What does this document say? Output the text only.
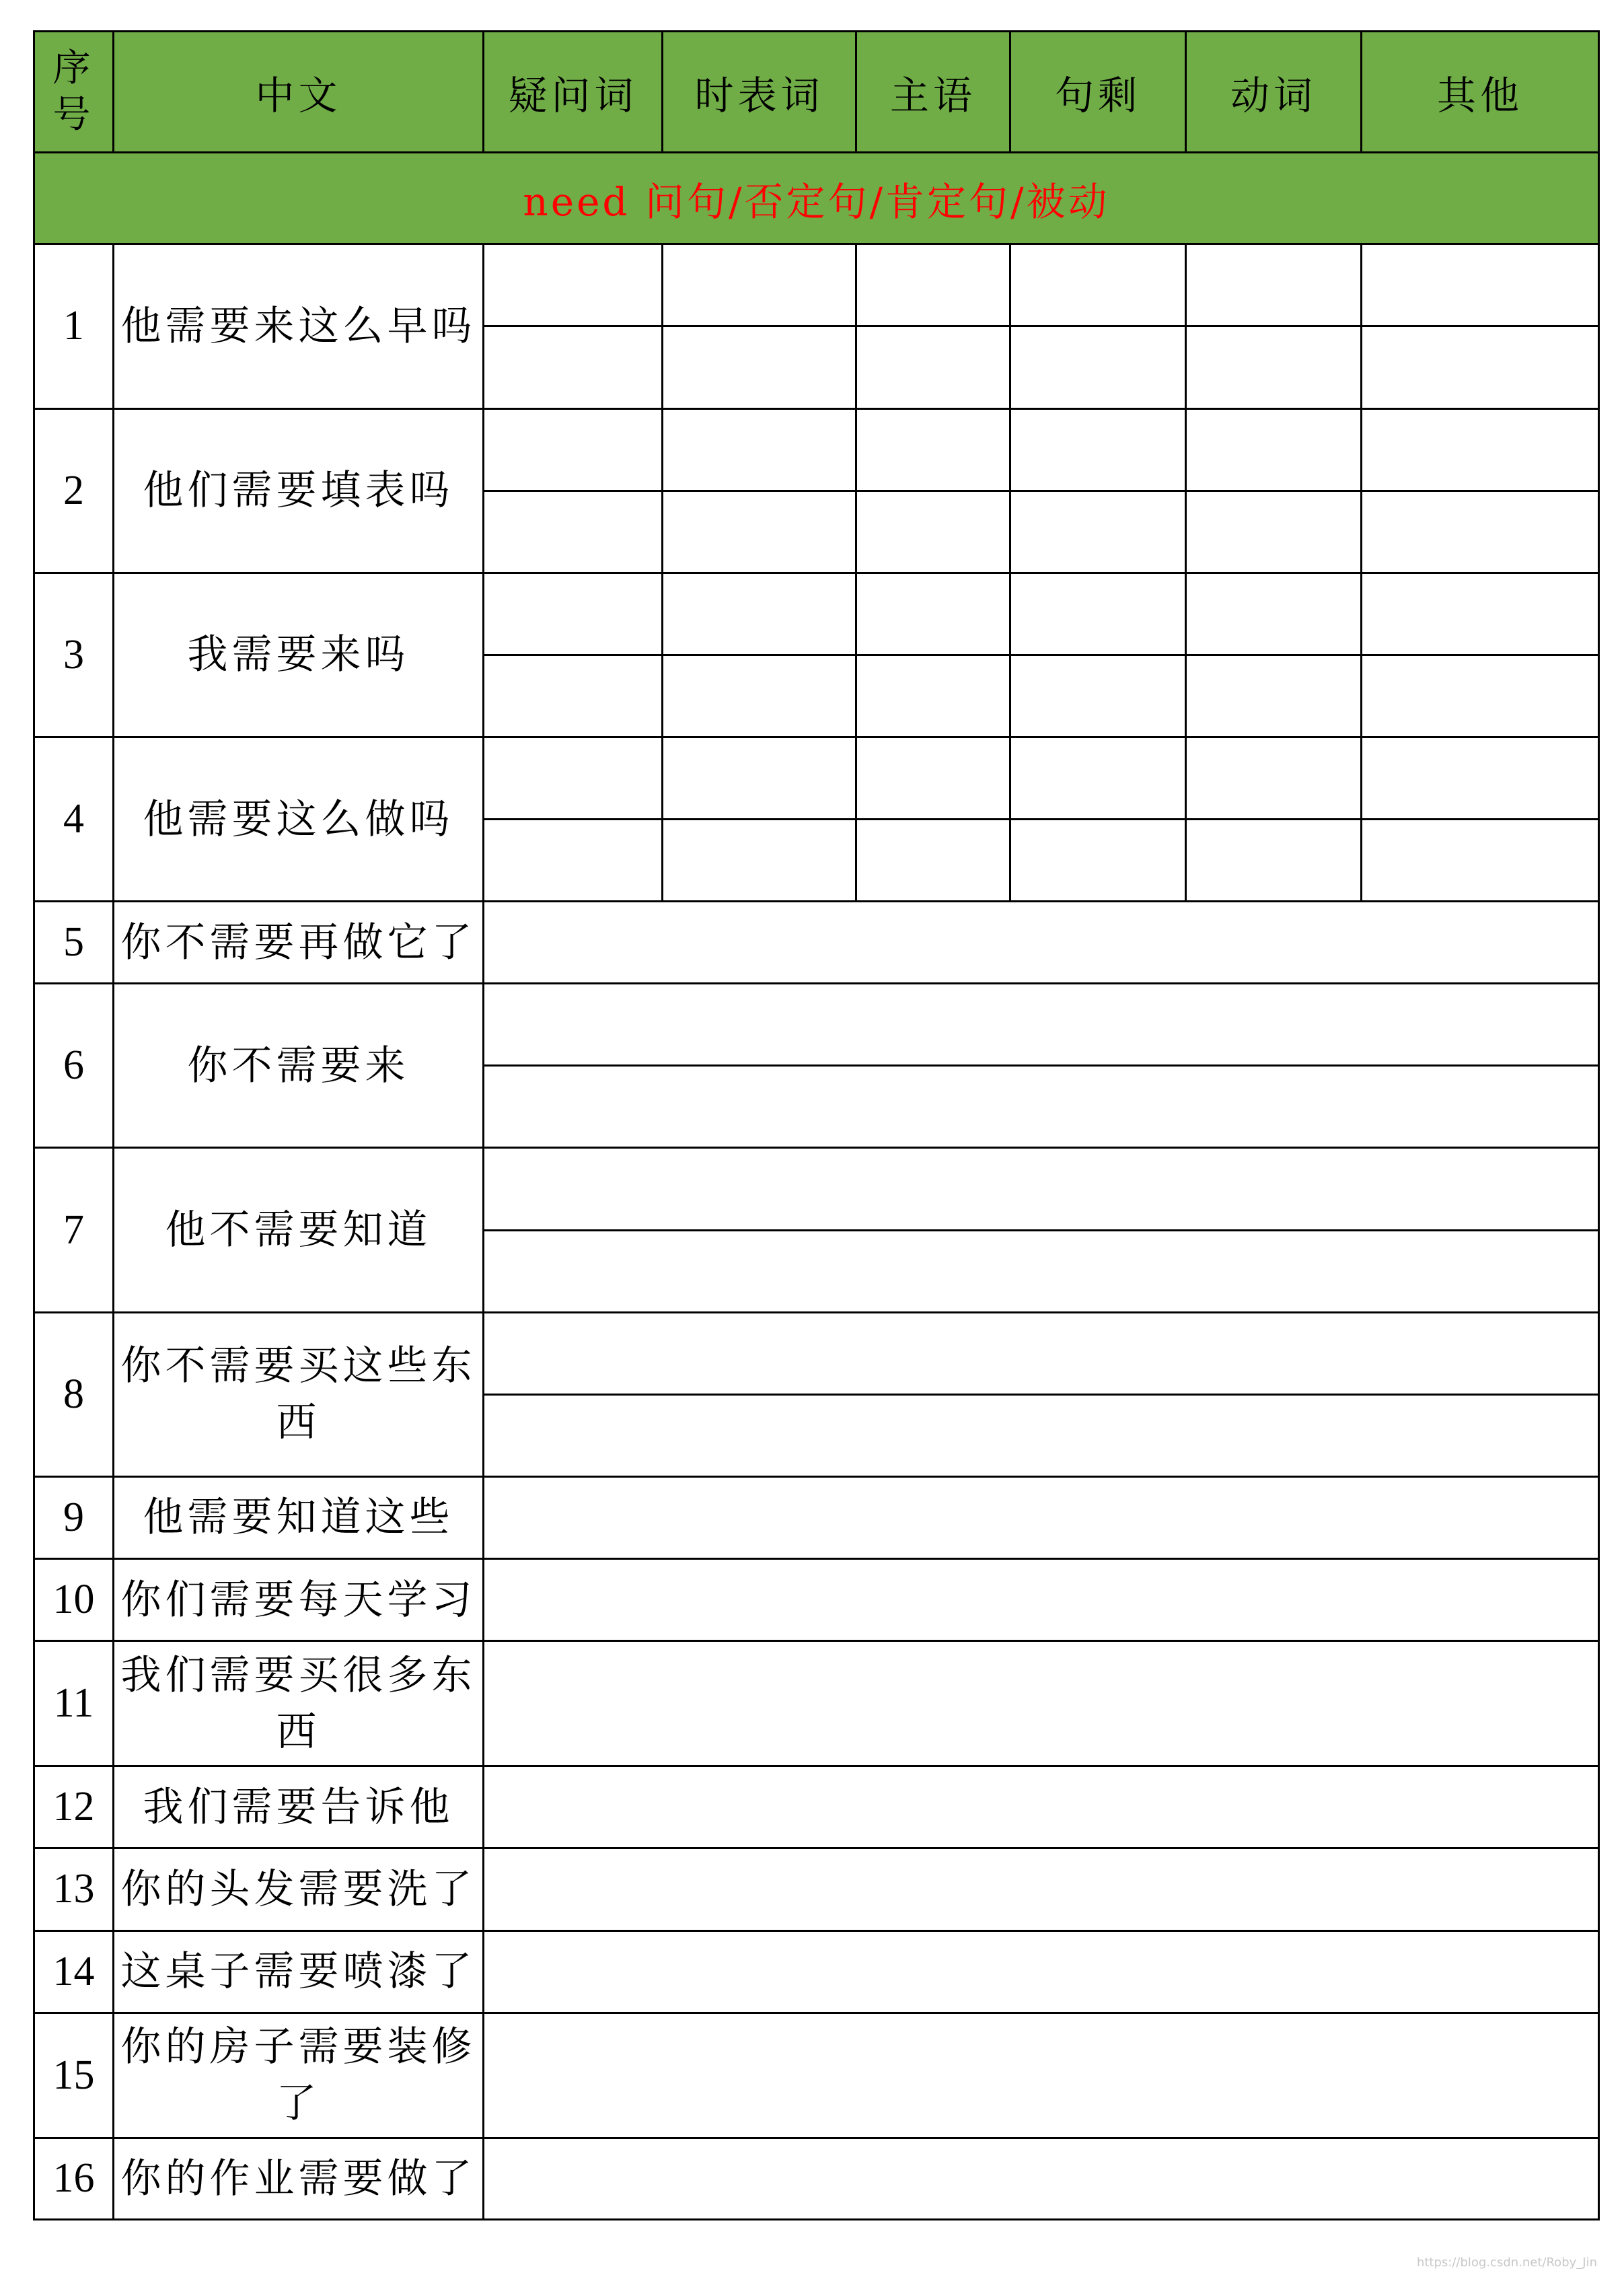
序号	中文	疑问词	时表词	主语	句剩	动词	其他
need 问句/否定句/肯定句/被动							
1	他需要来这么早吗						

2	他们需要填表吗						

3	我需要来吗						

4	他需要这么做吗						

5	你不需要再做它了						
6	你不需要来						

7	他不需要知道						

8	你不需要买这些东西						

9	他需要知道这些						
10	你们需要每天学习						
11	我们需要买很多东西						
12	我们需要告诉他						
13	你的头发需要洗了						
14	这桌子需要喷漆了						
15	你的房子需要装修了						
16	你的作业需要做了						
https://blog.csdn.net/Roby_Jin
